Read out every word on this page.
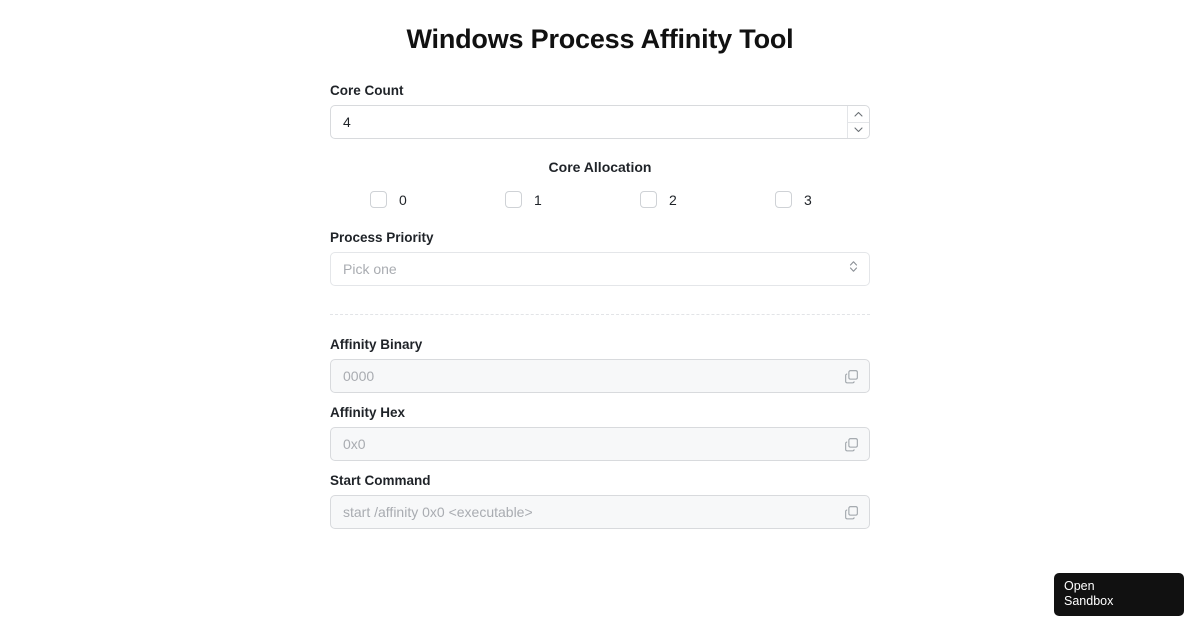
Windows Process Affinity Tool
Core Count
4
Core Allocation
0	1	2	3
Process Priority
Pick one
Affinity Binary
0000
Affinity Hex
0x0
Start Command
start /affinity 0x0 <executable>
Open
Sandbox
